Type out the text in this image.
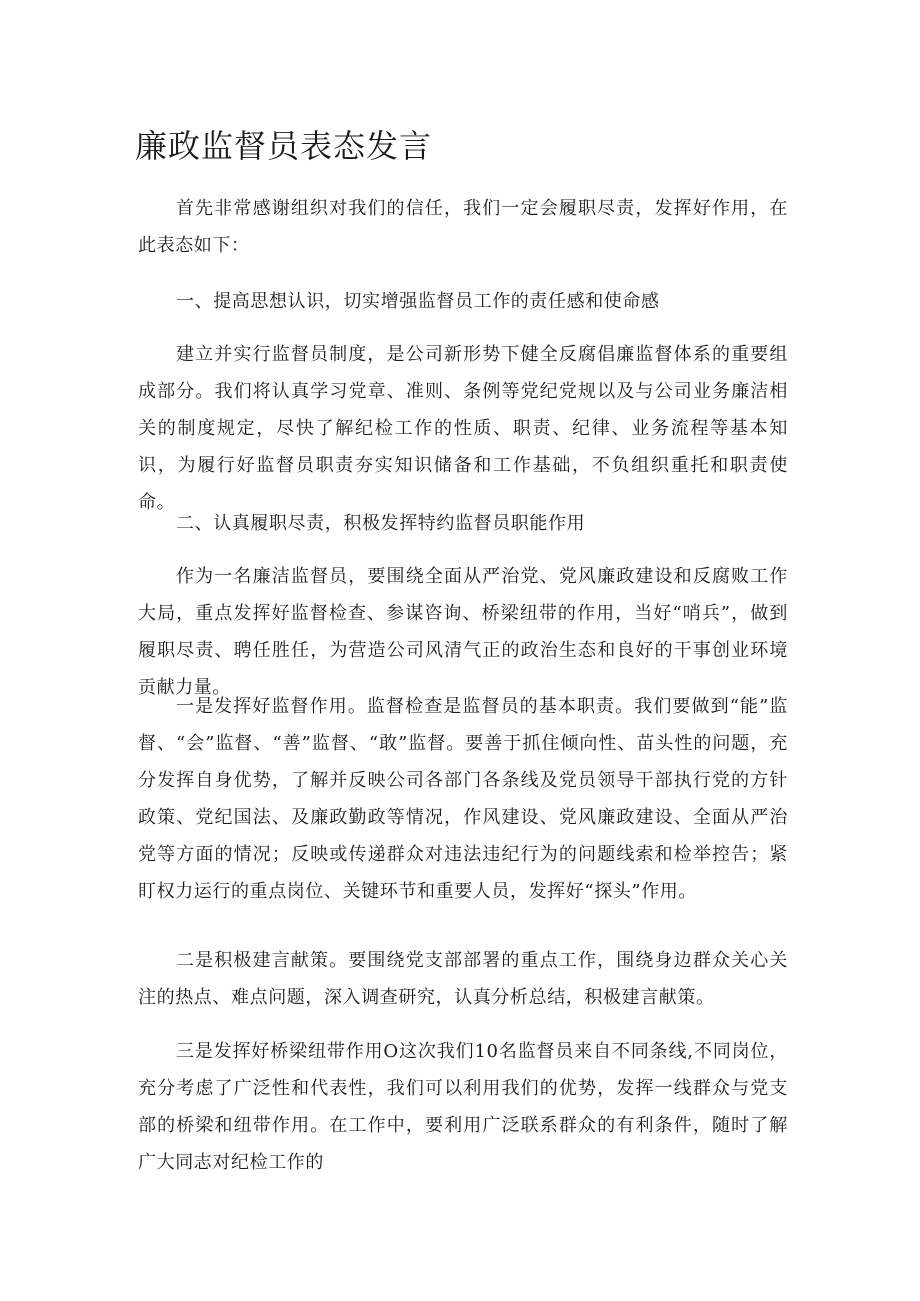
廉政监督员表态发言

首先非常感谢组织对我们的信任，我们一定会履职尽责，发挥好作用，在此表态如下：

一、提高思想认识，切实增强监督员工作的责任感和使命感

建立并实行监督员制度，是公司新形势下健全反腐倡廉监督体系的重要组成部分。我们将认真学习党章、准则、条例等党纪党规以及与公司业务廉洁相关的制度规定，尽快了解纪检工作的性质、职责、纪律、业务流程等基本知识，为履行好监督员职责夯实知识储备和工作基础，不负组织重托和职责使命。

二、认真履职尽责，积极发挥特约监督员职能作用

作为一名廉洁监督员，要围绕全面从严治党、党风廉政建设和反腐败工作大局，重点发挥好监督检查、参谋咨询、桥梁纽带的作用，当好“哨兵”，做到履职尽责、聘任胜任，为营造公司风清气正的政治生态和良好的干事创业环境贡献力量。

一是发挥好监督作用。监督检查是监督员的基本职责。我们要做到“能”监督、“会”监督、“善”监督、“敢”监督。要善于抓住倾向性、苗头性的问题，充分发挥自身优势，了解并反映公司各部门各条线及党员领导干部执行党的方针政策、党纪国法、及廉政勤政等情况，作风建设、党风廉政建设、全面从严治党等方面的情况；反映或传递群众对违法违纪行为的问题线索和检举控告；紧盯权力运行的重点岗位、关键环节和重要人员，发挥好“探头”作用。

二是积极建言献策。要围绕党支部部署的重点工作，围绕身边群众关心关注的热点、难点问题，深入调查研究，认真分析总结，积极建言献策。

三是发挥好桥梁纽带作用O这次我们10名监督员来自不同条线,不同岗位，充分考虑了广泛性和代表性，我们可以利用我们的优势，发挥一线群众与党支部的桥梁和纽带作用。在工作中，要利用广泛联系群众的有利条件，随时了解广大同志对纪检工作的
